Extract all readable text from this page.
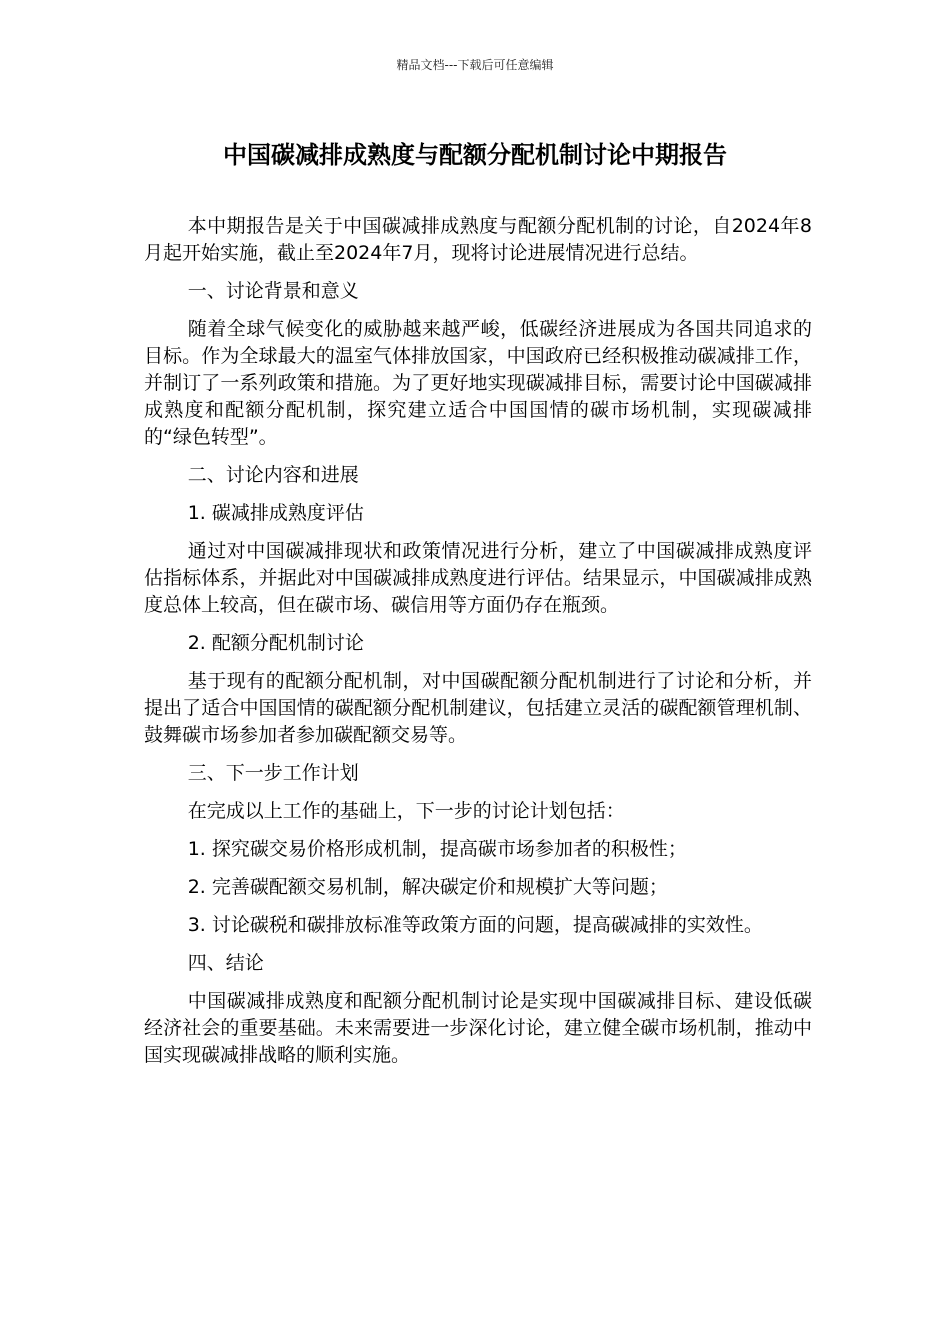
精品文档---下载后可任意编辑
中国碳减排成熟度与配额分配机制讨论中期报告

本中期报告是关于中国碳减排成熟度与配额分配机制的讨论，自2024年8月起开始实施，截止至2024年7月，现将讨论进展情况进行总结。

一、讨论背景和意义

随着全球气候变化的威胁越来越严峻，低碳经济进展成为各国共同追求的目标。作为全球最大的温室气体排放国家，中国政府已经积极推动碳减排工作，并制订了一系列政策和措施。为了更好地实现碳减排目标，需要讨论中国碳减排成熟度和配额分配机制，探究建立适合中国国情的碳市场机制，实现碳减排的“绿色转型”。

二、讨论内容和进展

1. 碳减排成熟度评估

通过对中国碳减排现状和政策情况进行分析，建立了中国碳减排成熟度评估指标体系，并据此对中国碳减排成熟度进行评估。结果显示，中国碳减排成熟度总体上较高，但在碳市场、碳信用等方面仍存在瓶颈。

2. 配额分配机制讨论

基于现有的配额分配机制，对中国碳配额分配机制进行了讨论和分析，并提出了适合中国国情的碳配额分配机制建议，包括建立灵活的碳配额管理机制、鼓舞碳市场参加者参加碳配额交易等。

三、下一步工作计划

在完成以上工作的基础上，下一步的讨论计划包括：

1. 探究碳交易价格形成机制，提高碳市场参加者的积极性；

2. 完善碳配额交易机制，解决碳定价和规模扩大等问题；

3. 讨论碳税和碳排放标准等政策方面的问题，提高碳减排的实效性。

四、结论

中国碳减排成熟度和配额分配机制讨论是实现中国碳减排目标、建设低碳经济社会的重要基础。未来需要进一步深化讨论，建立健全碳市场机制，推动中国实现碳减排战略的顺利实施。
